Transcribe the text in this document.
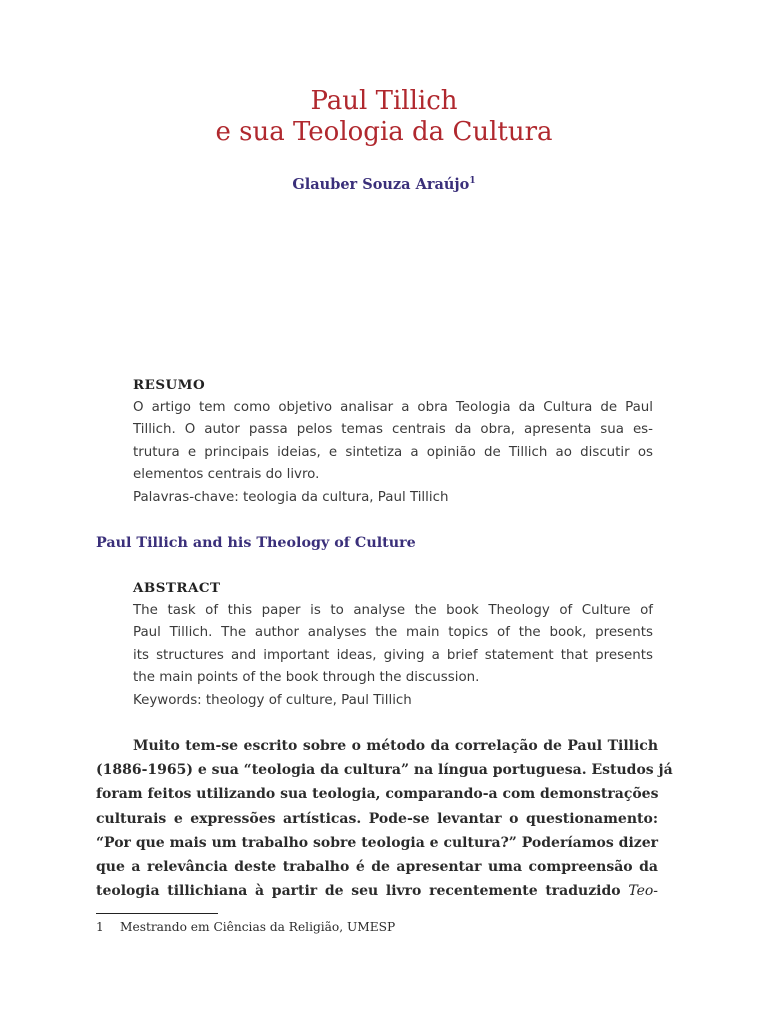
Paul Tillich
e sua Teologia da Cultura
Glauber Souza Araújo$^1$
RESUMO
O artigo tem como objetivo analisar a obra Teologia da Cultura de Paul
Tillich. O autor passa pelos temas centrais da obra, apresenta sua es-
trutura e principais ideias, e sintetiza a opinião de Tillich ao discutir os
elementos centrais do livro.
Palavras-chave: teologia da cultura, Paul Tillich
Paul Tillich and his Theology of Culture
ABSTRACT
The task of this paper is to analyse the book Theology of Culture of
Paul Tillich. The author analyses the main topics of the book, presents
its structures and important ideas, giving a brief statement that presents
the main points of the book through the discussion.
Keywords: theology of culture, Paul Tillich
Muito tem-se escrito sobre o método da correlação de Paul Tillich
(1886-1965) e sua “teologia da cultura” na língua portuguesa. Estudos já
foram feitos utilizando sua teologia, comparando-a com demonstrações
culturais e expressões artísticas. Pode-se levantar o questionamento:
“Por que mais um trabalho sobre teologia e cultura?” Poderíamos dizer
que a relevância deste trabalho é de apresentar uma compreensão da
teologia tillichiana à partir de seu livro recentemente traduzido Teo-
1 Mestrando em Ciências da Religião, UMESP
